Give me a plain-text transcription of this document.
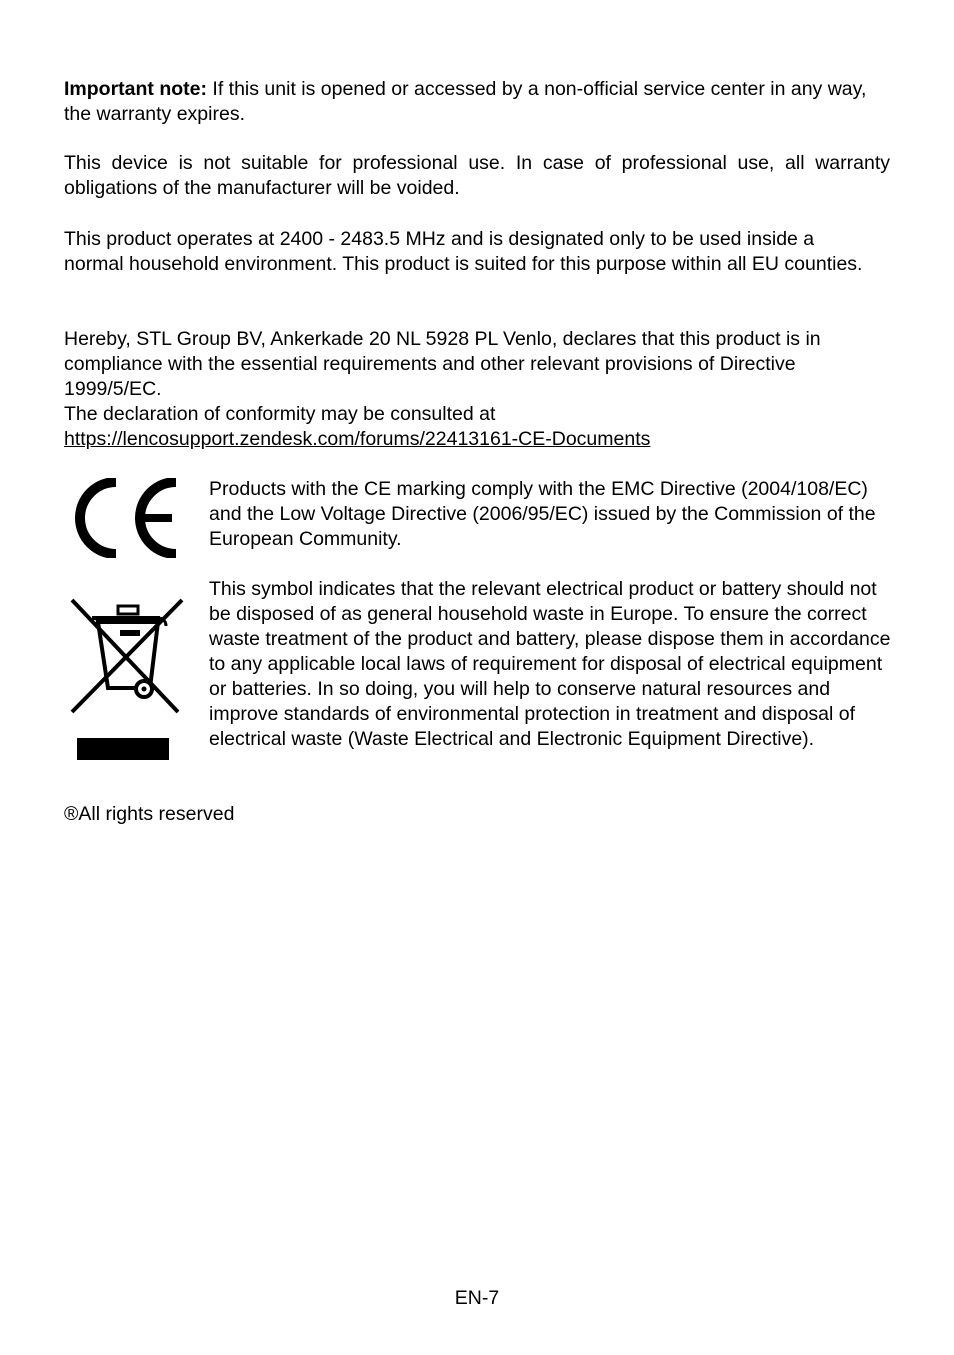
Important note: If this unit is opened or accessed by a non-official service center in any way, the warranty expires.

This device is not suitable for professional use. In case of professional use, all warranty obligations of the manufacturer will be voided.

This product operates at 2400 - 2483.5 MHz and is designated only to be used inside a normal household environment. This product is suited for this purpose within all EU counties.

Hereby, STL Group BV, Ankerkade 20 NL 5928 PL Venlo, declares that this product is in
compliance with the essential requirements and other relevant provisions of Directive
1999/5/EC.
The declaration of conformity may be consulted at
https://lencosupport.zendesk.com/forums/22413161-CE-Documents

Products with the CE marking comply with the EMC Directive (2004/108/EC) and the Low Voltage Directive (2006/95/EC) issued by the Commission of the European Community.

This symbol indicates that the relevant electrical product or battery should not be disposed of as general household waste in Europe. To ensure the correct waste treatment of the product and battery, please dispose them in accordance to any applicable local laws of requirement for disposal of electrical equipment or batteries. In so doing, you will help to conserve natural resources and improve standards of environmental protection in treatment and disposal of electrical waste (Waste Electrical and Electronic Equipment Directive).

®All rights reserved

EN-7
